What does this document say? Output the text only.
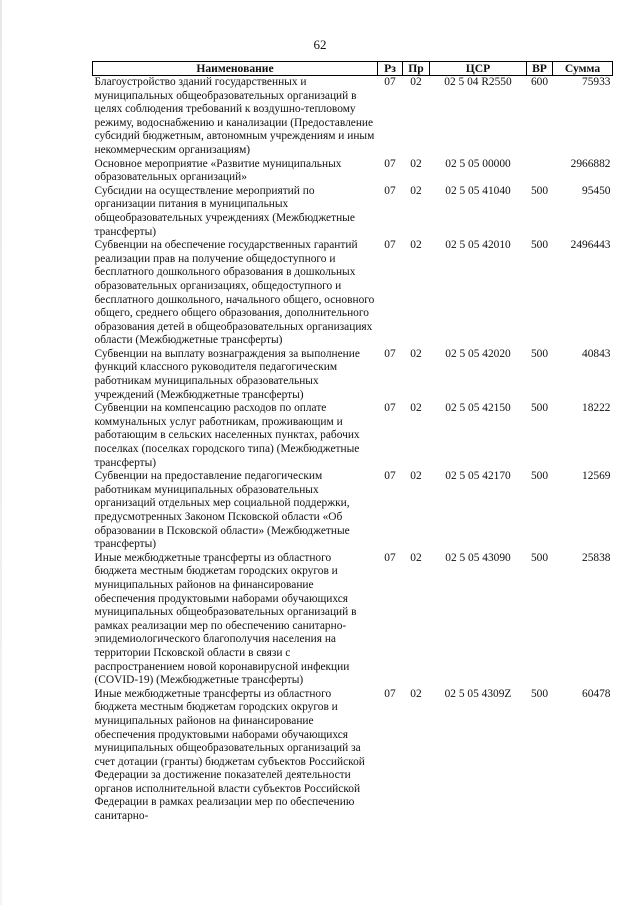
62
Наименование	Рз	Пр	ЦСР	ВР	Сумма
Благоустройство зданий государственных и муниципальных общеобразовательных организаций в целях соблюдения требований к воздушно-тепловому режиму, водоснабжению и канализации (Предоставление субсидий бюджетным, автономным учреждениям и иным некоммерческим организациям)	07	02	02 5 04 R2550	600	75933
Основное мероприятие «Развитие муниципальных образовательных организаций»	07	02	02 5 05 00000		2966882
Субсидии на осуществление мероприятий по организации питания в муниципальных общеобразовательных учреждениях (Межбюджетные трансферты)	07	02	02 5 05 41040	500	95450
Субвенции на обеспечение государственных гарантий реализации прав на получение общедоступного и бесплатного дошкольного образования в дошкольных образовательных организациях, общедоступного и бесплатного дошкольного, начального общего, основного общего, среднего общего образования, дополнительного образования детей в общеобразовательных организациях области (Межбюджетные трансферты)	07	02	02 5 05 42010	500	2496443
Субвенции на выплату вознаграждения за выполнение функций классного руководителя педагогическим работникам муниципальных образовательных учреждений (Межбюджетные трансферты)	07	02	02 5 05 42020	500	40843
Субвенции на компенсацию расходов по оплате коммунальных услуг работникам, проживающим и работающим в сельских населенных пунктах, рабочих поселках (поселках городского типа) (Межбюджетные трансферты)	07	02	02 5 05 42150	500	18222
Субвенции на предоставление педагогическим работникам муниципальных образовательных организаций отдельных мер социальной поддержки, предусмотренных Законом Псковской области «Об образовании в Псковской области» (Межбюджетные трансферты)	07	02	02 5 05 42170	500	12569
Иные межбюджетные трансферты из областного бюджета местным бюджетам городских округов и муниципальных районов на финансирование обеспечения продуктовыми наборами обучающихся муниципальных общеобразовательных организаций в рамках реализации мер по обеспечению санитарно-эпидемиологического благополучия населения на территории Псковской области в связи с распространением новой коронавирусной инфекции (COVID-19) (Межбюджетные трансферты)	07	02	02 5 05 43090	500	25838
Иные межбюджетные трансферты из областного бюджета местным бюджетам городских округов и муниципальных районов на финансирование обеспечения продуктовыми наборами обучающихся муниципальных общеобразовательных организаций за счет дотации (гранты) бюджетам субъектов Российской Федерации за достижение показателей деятельности органов исполнительной власти субъектов Российской Федерации в рамках реализации мер по обеспечению санитарно-	07	02	02 5 05 4309Z	500	60478
